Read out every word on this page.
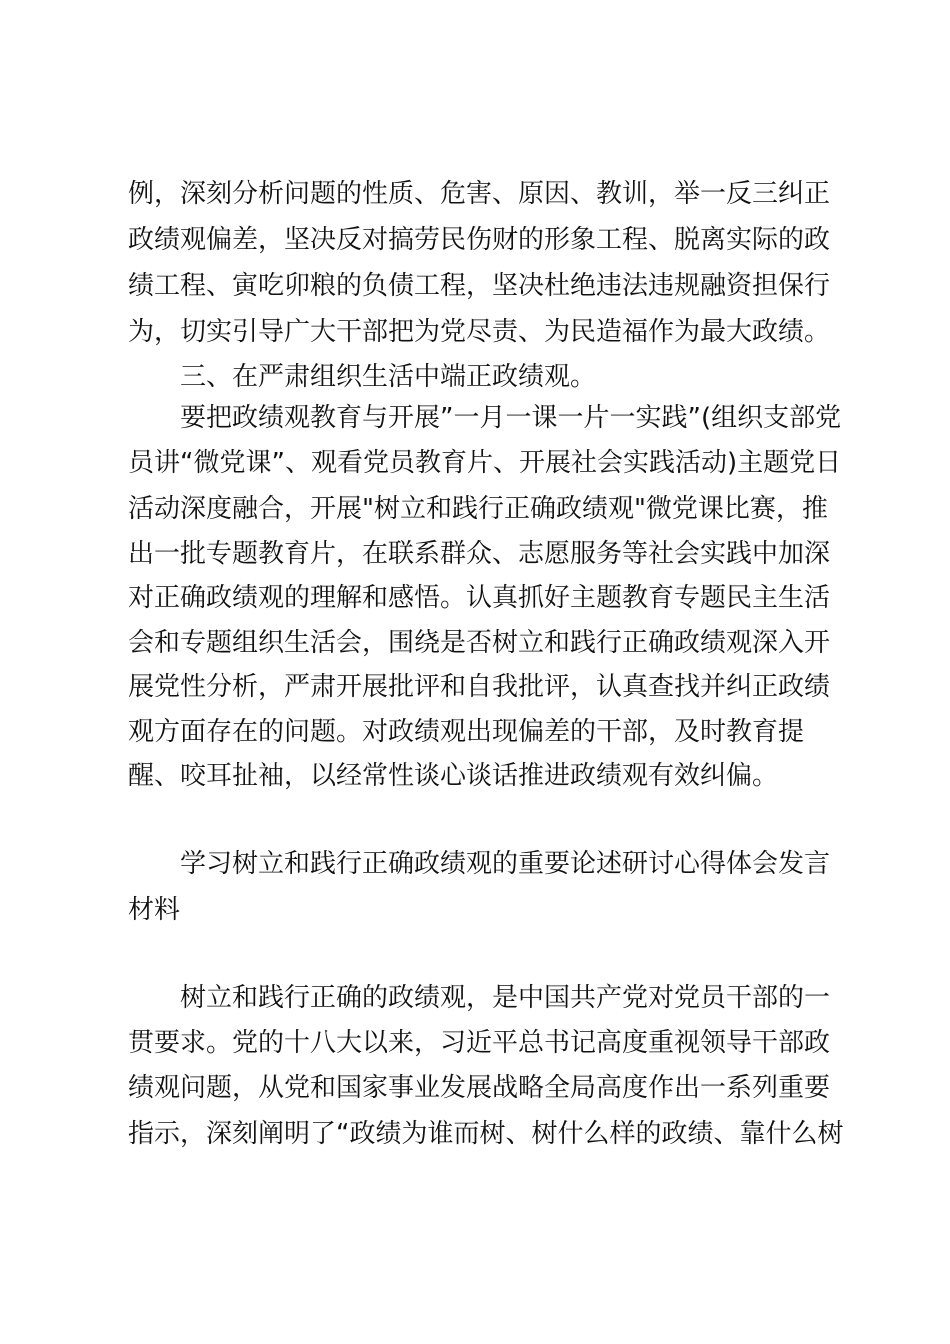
例，深刻分析问题的性质、危害、原因、教训，举一反三纠正
政绩观偏差，坚决反对搞劳民伤财的形象工程、脱离实际的政
绩工程、寅吃卯粮的负债工程，坚决杜绝违法违规融资担保行
为，切实引导广大干部把为党尽责、为民造福作为最大政绩。
三、在严肃组织生活中端正政绩观。
要把政绩观教育与开展”一月一课一片一实践”(组织支部党
员讲“微党课”、观看党员教育片、开展社会实践活动)主题党日
活动深度融合，开展"树立和践行正确政绩观"微党课比赛，推
出一批专题教育片，在联系群众、志愿服务等社会实践中加深
对正确政绩观的理解和感悟。认真抓好主题教育专题民主生活
会和专题组织生活会，围绕是否树立和践行正确政绩观深入开
展党性分析，严肃开展批评和自我批评，认真查找并纠正政绩
观方面存在的问题。对政绩观出现偏差的干部，及时教育提
醒、咬耳扯袖，以经常性谈心谈话推进政绩观有效纠偏。
学习树立和践行正确政绩观的重要论述研讨心得体会发言
材料
树立和践行正确的政绩观，是中国共产党对党员干部的一
贯要求。党的十八大以来，习近平总书记高度重视领导干部政
绩观问题，从党和国家事业发展战略全局高度作出一系列重要
指示，深刻阐明了“政绩为谁而树、树什么样的政绩、靠什么树
